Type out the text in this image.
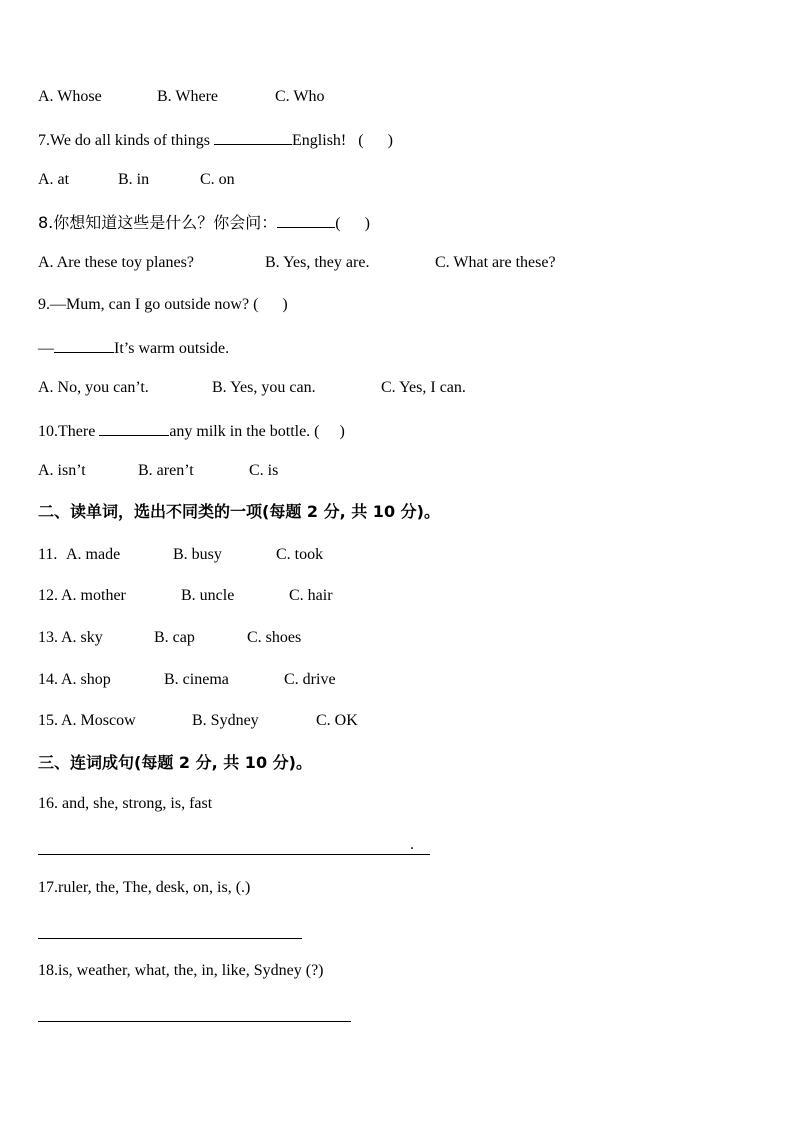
A. Whose

	B. Where

	C. Who

7.We do all kinds of things	English! (      )

A. at

	B. in

	C. on

8.你想知道这些是什么？你会问：	(      )

A. Are these toy planes?

	B. Yes, they are.

	C. What are these?

9.—Mum, can I go outside now? (      )
—	It’s warm outside.

A. No, you can’t.

	B. Yes, you can.

	C. Yes, I can.

10.There	any milk in the bottle. (     )

A. isn’t

	B. aren’t

	C. is

二、读单词，选出不同类的一项(每题 2 分, 共 10 分)。

11.

A. made

	B. busy

	C. took

12.

A. mother

	B. uncle

	C. hair

13.

A. sky

	B. cap

	C. shoes

14.

A. shop

	B. cinema

	C. drive

15.

A. Moscow

	B. Sydney

	C. OK

三、连词成句(每题 2 分, 共 10 分)。
16. and, she, strong, is, fast
.
17.ruler, the, The, desk, on, is, (.)
18.is, weather, what, the, in, like, Sydney (?)
